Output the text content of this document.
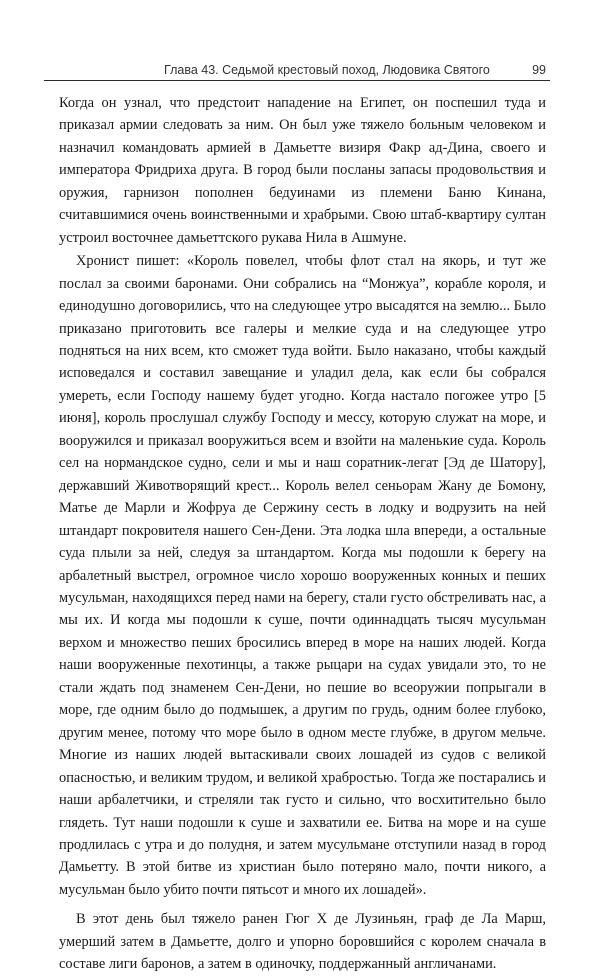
Глава 43. Седьмой крестовый поход, Людовика Святого	99

Когда он узнал, что предстоит нападение на Египет, он поспешил туда и приказал армии следовать за ним. Он был уже тяжело больным человеком и назначил командовать армией в Дамьетте визиря Факр ад-Дина, своего и императора Фридриха друга. В город были посланы запасы продовольствия и оружия, гарнизон пополнен бедуинами из племени Баню Кинана, считавшимися очень воинственными и храбрыми. Свою штаб-квартиру султан устроил восточнее дамьеттского рукава Нила в Ашмуне.

Хронист пишет: «Король повелел, чтобы флот стал на якорь, и тут же послал за своими баронами. Они собрались на “Монжуа”, корабле короля, и единодушно договорились, что на следующее утро высадятся на землю... Было приказано приготовить все галеры и мелкие суда и на следующее утро подняться на них всем, кто сможет туда войти. Было наказано, чтобы каждый исповедался и составил завещание и уладил дела, как если бы собрался умереть, если Господу нашему будет угодно. Когда настало погожее утро [5 июня], король прослушал службу Господу и мессу, которую служат на море, и вооружился и приказал вооружиться всем и взойти на маленькие суда. Король сел на нормандское судно, сели и мы и наш соратник-легат [Эд де Шатору], державший Животворящий крест... Король велел сеньорам Жану де Бомону, Матье де Марли и Жофруа де Сержину сесть в лодку и водрузить на ней штандарт покровителя нашего Сен-Дени. Эта лодка шла впереди, а остальные суда плыли за ней, следуя за штандартом. Когда мы подошли к берегу на арбалетный выстрел, огромное число хорошо вооруженных конных и пеших мусульман, находящихся перед нами на берегу, стали густо обстреливать нас, а мы их. И когда мы подошли к суше, почти одиннадцать тысяч мусульман верхом и множество пеших бросились вперед в море на наших людей. Когда наши вооруженные пехотинцы, а также рыцари на судах увидали это, то не стали ждать под знаменем Сен-Дени, но пешие во всеоружии попрыгали в море, где одним было до подмышек, а другим по грудь, одним более глубоко, другим менее, потому что море было в одном месте глубже, в другом мельче. Многие из наших людей вытаскивали своих лошадей из судов с великой опасностью, и великим трудом, и великой храбростью. Тогда же постарались и наши арбалетчики, и стреляли так густо и сильно, что восхитительно было глядеть. Тут наши подошли к суше и захватили ее. Битва на море и на суше продлилась с утра и до полудня, и затем мусульмане отступили назад в город Дамьетту. В этой битве из христиан было потеряно мало, почти никого, а мусульман было убито почти пятьсот и много их лошадей».

В этот день был тяжело ранен Гюг X де Лузиньян, граф де Ла Марш, умерший затем в Дамьетте, долго и упорно боровшийся с королем сначала в составе лиги баронов, а затем в одиночку, поддержанный англичанами.
